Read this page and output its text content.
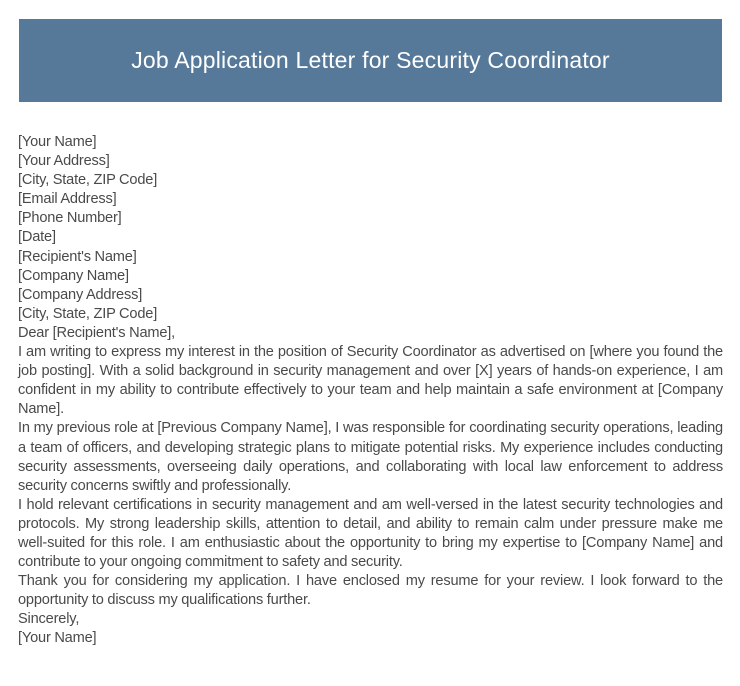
Job Application Letter for Security Coordinator
[Your Name]
[Your Address]
[City, State, ZIP Code]
[Email Address]
[Phone Number]
[Date]
[Recipient's Name]
[Company Name]
[Company Address]
[City, State, ZIP Code]
Dear [Recipient's Name],

I am writing to express my interest in the position of Security Coordinator as advertised on [where you found the job posting]. With a solid background in security management and over [X] years of hands-on experience, I am confident in my ability to contribute effectively to your team and help maintain a safe environment at [Company Name].

In my previous role at [Previous Company Name], I was responsible for coordinating security operations, leading a team of officers, and developing strategic plans to mitigate potential risks. My experience includes conducting security assessments, overseeing daily operations, and collaborating with local law enforcement to address security concerns swiftly and professionally.

I hold relevant certifications in security management and am well-versed in the latest security technologies and protocols. My strong leadership skills, attention to detail, and ability to remain calm under pressure make me well-suited for this role. I am enthusiastic about the opportunity to bring my expertise to [Company Name] and contribute to your ongoing commitment to safety and security.

Thank you for considering my application. I have enclosed my resume for your review. I look forward to the opportunity to discuss my qualifications further.

Sincerely,
[Your Name]
